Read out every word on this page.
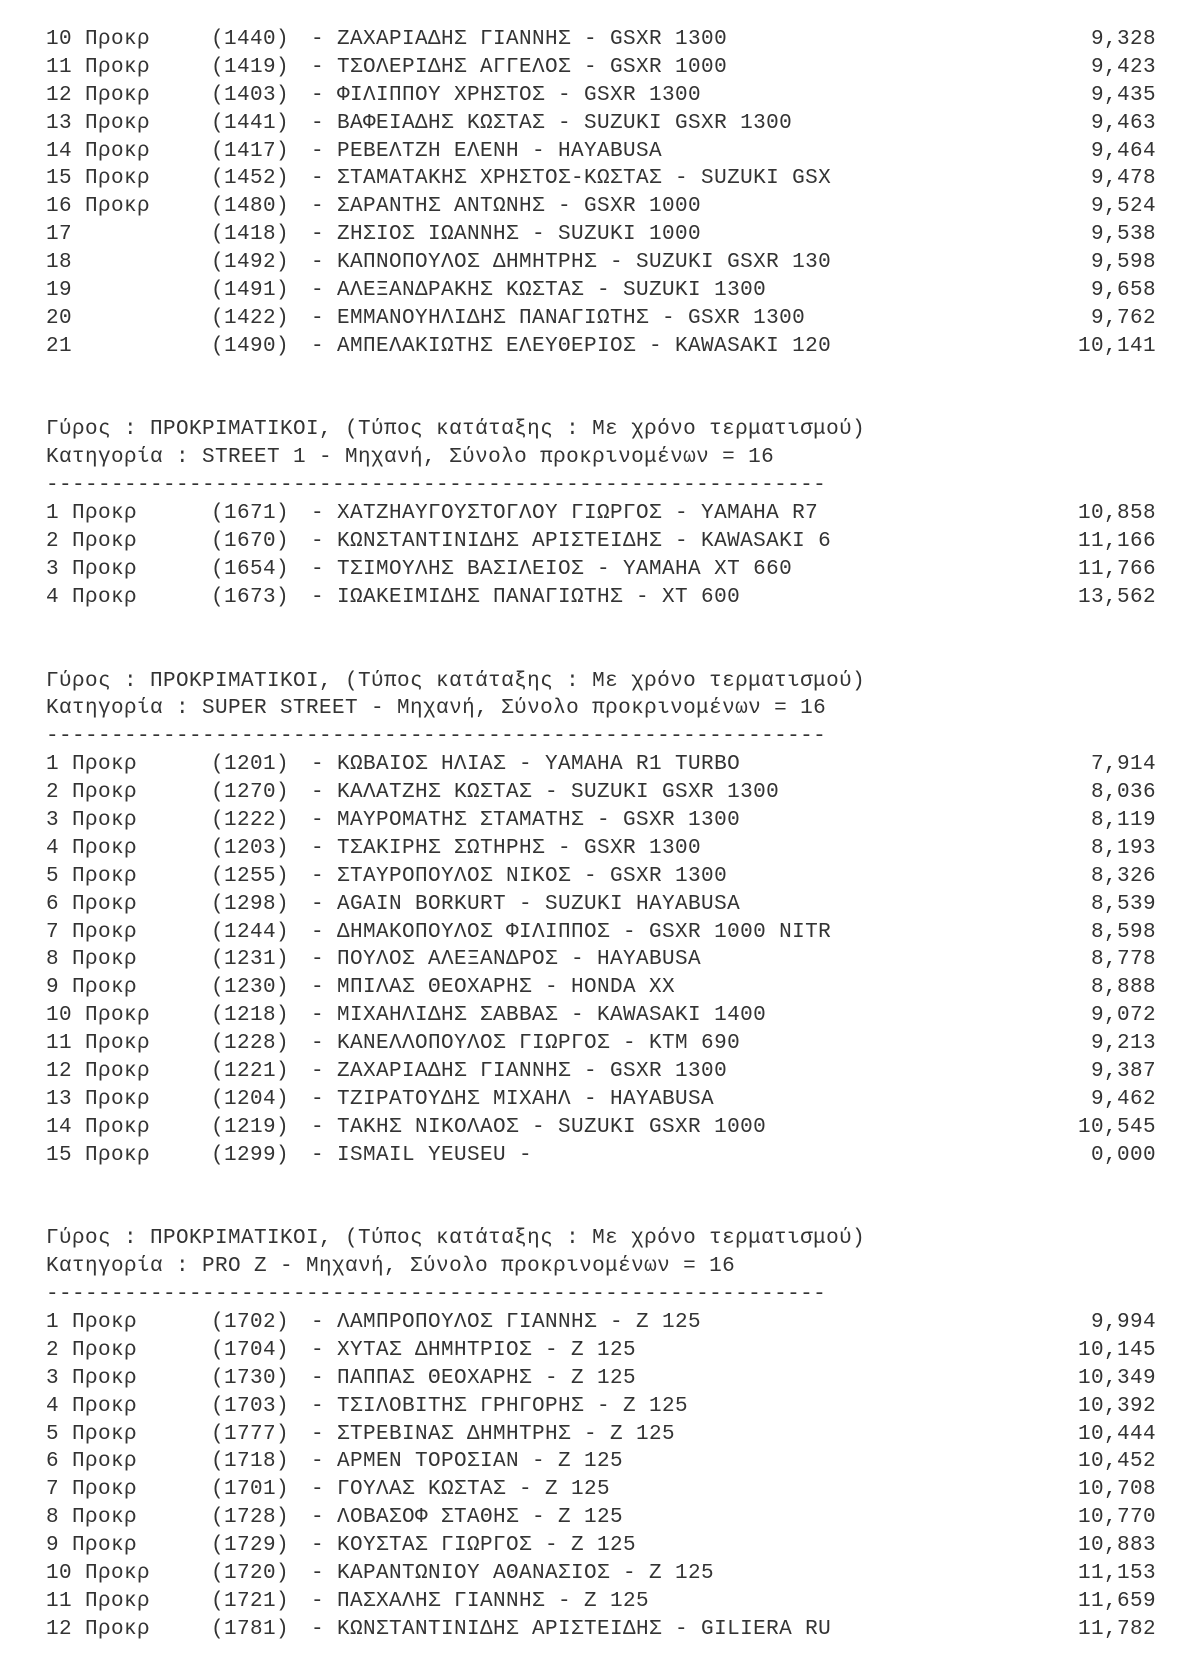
10 Προκρ	(1440) - ΖΑΧΑΡΙΑΔΗΣ ΓΙΑΝΝΗΣ - GSXR 1300	9,328
11 Προκρ	(1419) - ΤΣΟΛΕΡΙΔΗΣ ΑΓΓΕΛΟΣ - GSXR 1000	9,423
12 Προκρ	(1403) - ΦΙΛΙΠΠΟΥ ΧΡΗΣΤΟΣ - GSXR 1300	9,435
13 Προκρ	(1441) - ΒΑΦΕΙΑΔΗΣ ΚΩΣΤΑΣ - SUZUKI GSXR 1300	9,463
14 Προκρ	(1417) - ΡΕΒΕΛΤΖΗ ΕΛΕΝΗ - HAYABUSA	9,464
15 Προκρ	(1452) - ΣΤΑΜΑΤΑΚΗΣ ΧΡΗΣΤΟΣ-ΚΩΣΤΑΣ - SUZUKI GSX	9,478
16 Προκρ	(1480) - ΣΑΡΑΝΤΗΣ ΑΝΤΩΝΗΣ - GSXR 1000	9,524
17	(1418) - ΖΗΣΙΟΣ ΙΩΑΝΝΗΣ - SUZUKI 1000	9,538
18	(1492) - ΚΑΠΝΟΠΟΥΛΟΣ ΔΗΜΗΤΡΗΣ - SUZUKI GSXR 130	9,598
19	(1491) - ΑΛΕΞΑΝΔΡΑΚΗΣ ΚΩΣΤΑΣ - SUZUKI 1300	9,658
20	(1422) - ΕΜΜΑΝΟΥΗΛΙΔΗΣ ΠΑΝΑΓΙΩΤΗΣ - GSXR 1300	9,762
21	(1490) - ΑΜΠΕΛΑΚΙΩΤΗΣ ΕΛΕΥΘΕΡΙΟΣ - KAWASAKI 120	10,141
Γύρος : ΠΡΟΚΡΙΜΑΤΙΚΟΙ, (Τύπος κατάταξης : Με χρόνο τερματισμού)
Κατηγορία : STREET 1 - Μηχανή, Σύνολο προκρινομένων = 16
------------------------------------------------------------
1 Προκρ	(1671) - ΧΑΤΖΗΑΥΓΟΥΣΤΟΓΛΟΥ ΓΙΩΡΓΟΣ - YAMAHA R7	10,858
2 Προκρ	(1670) - ΚΩΝΣΤΑΝΤΙΝΙΔΗΣ ΑΡΙΣΤΕΙΔΗΣ - KAWASAKI 6	11,166
3 Προκρ	(1654) - ΤΣΙΜΟΥΛΗΣ ΒΑΣΙΛΕΙΟΣ - YAMAHA XT 660	11,766
4 Προκρ	(1673) - ΙΩΑΚΕΙΜΙΔΗΣ ΠΑΝΑΓΙΩΤΗΣ - XT 600	13,562
Γύρος : ΠΡΟΚΡΙΜΑΤΙΚΟΙ, (Τύπος κατάταξης : Με χρόνο τερματισμού)
Κατηγορία : SUPER STREET - Μηχανή, Σύνολο προκρινομένων = 16
------------------------------------------------------------
1 Προκρ	(1201) - ΚΩΒΑΙΟΣ ΗΛΙΑΣ - YAMAHA R1 TURBO	7,914
2 Προκρ	(1270) - ΚΑΛΑΤΖΗΣ ΚΩΣΤΑΣ - SUZUKI GSXR 1300	8,036
3 Προκρ	(1222) - ΜΑΥΡΟΜΑΤΗΣ ΣΤΑΜΑΤΗΣ - GSXR 1300	8,119
4 Προκρ	(1203) - ΤΣΑΚΙΡΗΣ ΣΩΤΗΡΗΣ - GSXR 1300	8,193
5 Προκρ	(1255) - ΣΤΑΥΡΟΠΟΥΛΟΣ ΝΙΚΟΣ - GSXR 1300	8,326
6 Προκρ	(1298) - AGAIN BORKURT - SUZUKI HAYABUSA	8,539
7 Προκρ	(1244) - ΔΗΜΑΚΟΠΟΥΛΟΣ ΦΙΛΙΠΠΟΣ - GSXR 1000 NITR	8,598
8 Προκρ	(1231) - ΠΟΥΛΟΣ ΑΛΕΞΑΝΔΡΟΣ - HAYABUSA	8,778
9 Προκρ	(1230) - ΜΠΙΛΑΣ ΘΕΟΧΑΡΗΣ - HONDA XX	8,888
10 Προκρ	(1218) - ΜΙΧΑΗΛΙΔΗΣ ΣΑΒΒΑΣ - KAWASAKI 1400	9,072
11 Προκρ	(1228) - ΚΑΝΕΛΛΟΠΟΥΛΟΣ ΓΙΩΡΓΟΣ - KTM 690	9,213
12 Προκρ	(1221) - ΖΑΧΑΡΙΑΔΗΣ ΓΙΑΝΝΗΣ - GSXR 1300	9,387
13 Προκρ	(1204) - ΤΖΙΡΑΤΟΥΔΗΣ ΜΙΧΑΗΛ - HAYABUSA	9,462
14 Προκρ	(1219) - ΤΑΚΗΣ ΝΙΚΟΛΑΟΣ - SUZUKI GSXR 1000	10,545
15 Προκρ	(1299) - ISMAIL YEUSEU -	0,000
Γύρος : ΠΡΟΚΡΙΜΑΤΙΚΟΙ, (Τύπος κατάταξης : Με χρόνο τερματισμού)
Κατηγορία : PRO Z - Μηχανή, Σύνολο προκρινομένων = 16
------------------------------------------------------------
1 Προκρ	(1702) - ΛΑΜΠΡΟΠΟΥΛΟΣ ΓΙΑΝΝΗΣ - Z 125	9,994
2 Προκρ	(1704) - ΧΥΤΑΣ ΔΗΜΗΤΡΙΟΣ - Z 125	10,145
3 Προκρ	(1730) - ΠΑΠΠΑΣ ΘΕΟΧΑΡΗΣ - Z 125	10,349
4 Προκρ	(1703) - ΤΣΙΛΟΒΙΤΗΣ ΓΡΗΓΟΡΗΣ - Z 125	10,392
5 Προκρ	(1777) - ΣΤΡΕΒΙΝΑΣ ΔΗΜΗΤΡΗΣ - Z 125	10,444
6 Προκρ	(1718) - ΑΡΜΕΝ ΤΟΡΟΣΙΑΝ - Z 125	10,452
7 Προκρ	(1701) - ΓΟΥΛΑΣ ΚΩΣΤΑΣ - Z 125	10,708
8 Προκρ	(1728) - ΛΟΒΑΣΟΦ ΣΤΑΘΗΣ - Z 125	10,770
9 Προκρ	(1729) - ΚΟΥΣΤΑΣ ΓΙΩΡΓΟΣ - Z 125	10,883
10 Προκρ	(1720) - ΚΑΡΑΝΤΩΝΙΟΥ ΑΘΑΝΑΣΙΟΣ - Z 125	11,153
11 Προκρ	(1721) - ΠΑΣΧΑΛΗΣ ΓΙΑΝΝΗΣ - Z 125	11,659
12 Προκρ	(1781) - ΚΩΝΣΤΑΝΤΙΝΙΔΗΣ ΑΡΙΣΤΕΙΔΗΣ - GILIERA RU	11,782
